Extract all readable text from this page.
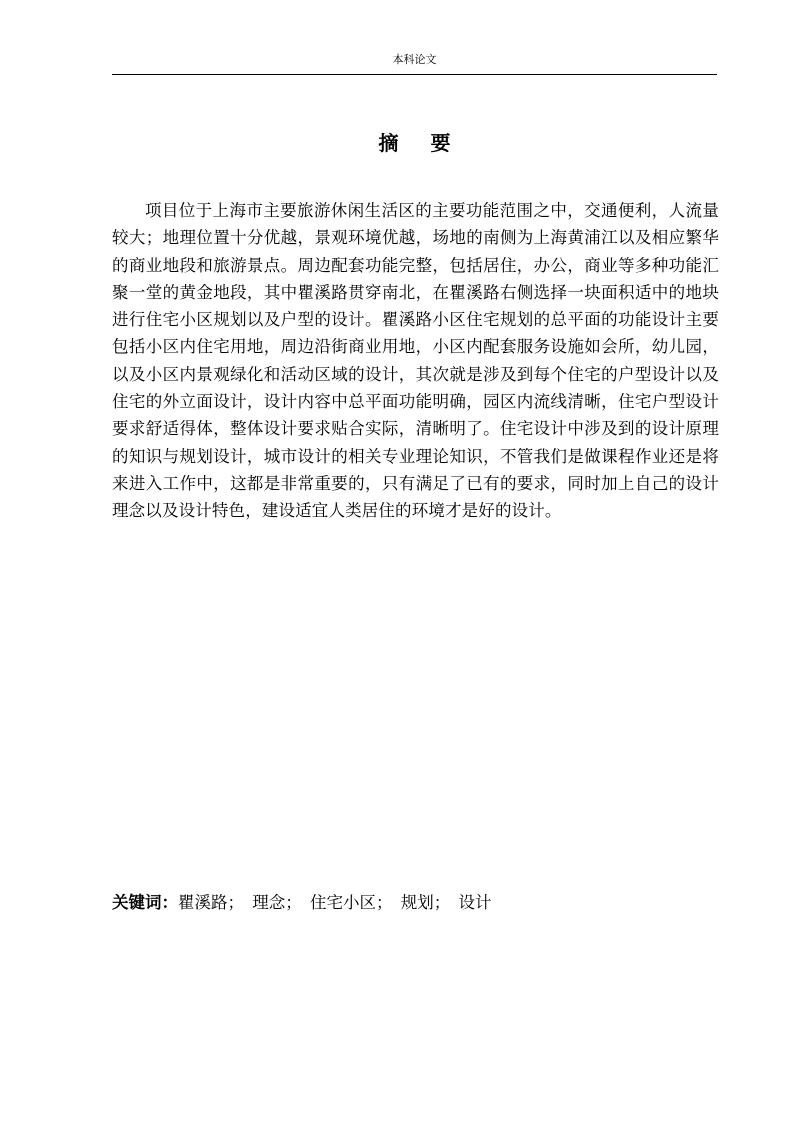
本科论文
摘要

项目位于上海市主要旅游休闲生活区的主要功能范围之中，交通便利，人流量较大；地理位置十分优越，景观环境优越，场地的南侧为上海黄浦江以及相应繁华的商业地段和旅游景点。周边配套功能完整，包括居住，办公，商业等多种功能汇聚一堂的黄金地段，其中瞿溪路贯穿南北，在瞿溪路右侧选择一块面积适中的地块进行住宅小区规划以及户型的设计。瞿溪路小区住宅规划的总平面的功能设计主要包括小区内住宅用地，周边沿街商业用地，小区内配套服务设施如会所，幼儿园，以及小区内景观绿化和活动区域的设计，其次就是涉及到每个住宅的户型设计以及住宅的外立面设计，设计内容中总平面功能明确，园区内流线清晰，住宅户型设计要求舒适得体，整体设计要求贴合实际，清晰明了。住宅设计中涉及到的设计原理的知识与规划设计，城市设计的相关专业理论知识，不管我们是做课程作业还是将来进入工作中，这都是非常重要的，只有满足了已有的要求，同时加上自己的设计理念以及设计特色，建设适宜人类居住的环境才是好的设计。

关键词：瞿溪路；　理念；　住宅小区；　规划；　设计
